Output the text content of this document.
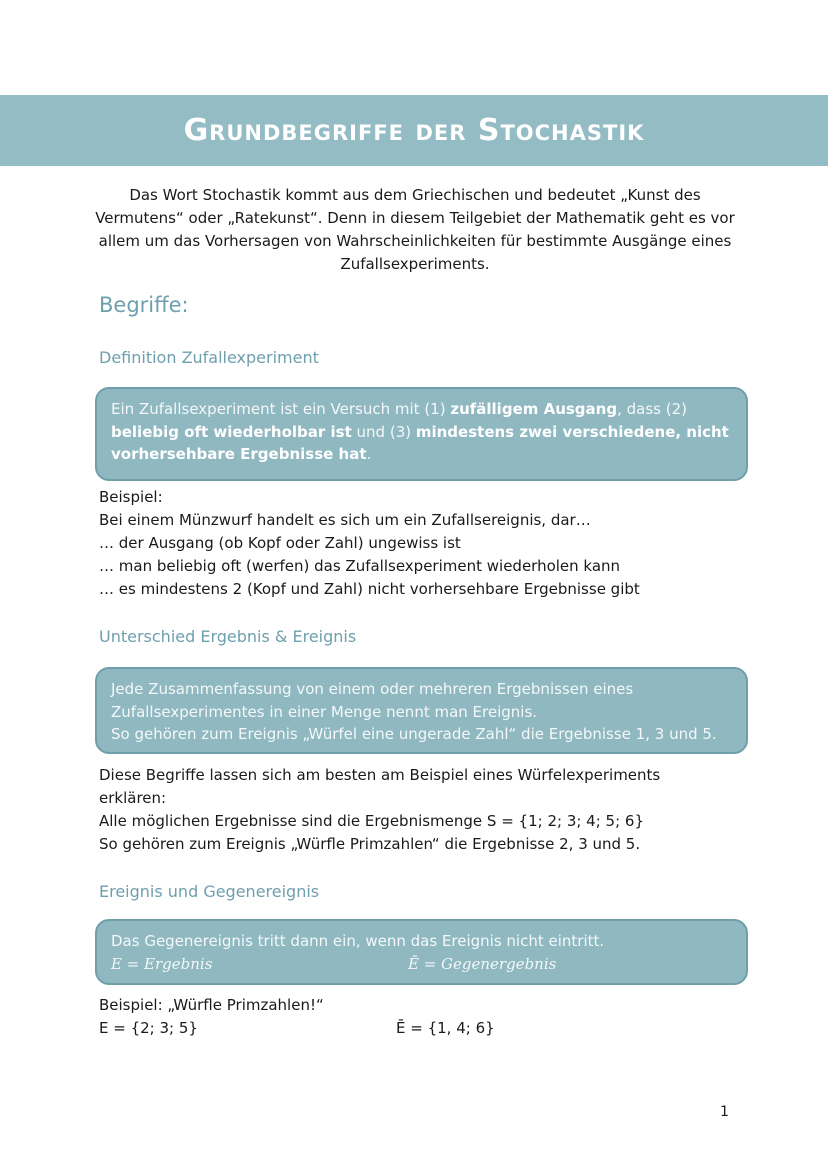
Grundbegriffe der Stochastik

Das Wort Stochastik kommt aus dem Griechischen und bedeutet „Kunst des Vermutens“ oder „Ratekunst“. Denn in diesem Teilgebiet der Mathematik geht es vor allem um das Vorhersagen von Wahrscheinlichkeiten für bestimmte Ausgänge eines Zufallsexperiments.

Begriffe:
Definition Zufallexperiment
Ein Zufallsexperiment ist ein Versuch mit (1) zufälligem Ausgang, dass (2) beliebig oft wiederholbar ist und (3) mindestens zwei verschiedene, nicht vorhersehbare Ergebnisse hat.
Beispiel:
Bei einem Münzwurf handelt es sich um ein Zufallsereignis, dar…
… der Ausgang (ob Kopf oder Zahl) ungewiss ist
… man beliebig oft (werfen) das Zufallsexperiment wiederholen kann
… es mindestens 2 (Kopf und Zahl) nicht vorhersehbare Ergebnisse gibt
Unterschied Ergebnis & Ereignis
Jede Zusammenfassung von einem oder mehreren Ergebnissen eines
Zufallsexperimentes in einer Menge nennt man Ereignis.
So gehören zum Ereignis „Würfel eine ungerade Zahl“ die Ergebnisse 1, 3 und 5.
Diese Begriffe lassen sich am besten am Beispiel eines Würfelexperiments
erklären:
Alle möglichen Ergebnisse sind die Ergebnismenge S = {1; 2; 3; 4; 5; 6}
So gehören zum Ereignis „Würfle Primzahlen“ die Ergebnisse 2, 3 und 5.
Ereignis und Gegenereignis
Das Gegenereignis tritt dann ein, wenn das Ereignis nicht eintritt.
E = Ergebnis	Ē = Gegenergebnis
Beispiel: „Würfle Primzahlen!“
E = {2; 3; 5}	Ē = {1, 4; 6}
1
